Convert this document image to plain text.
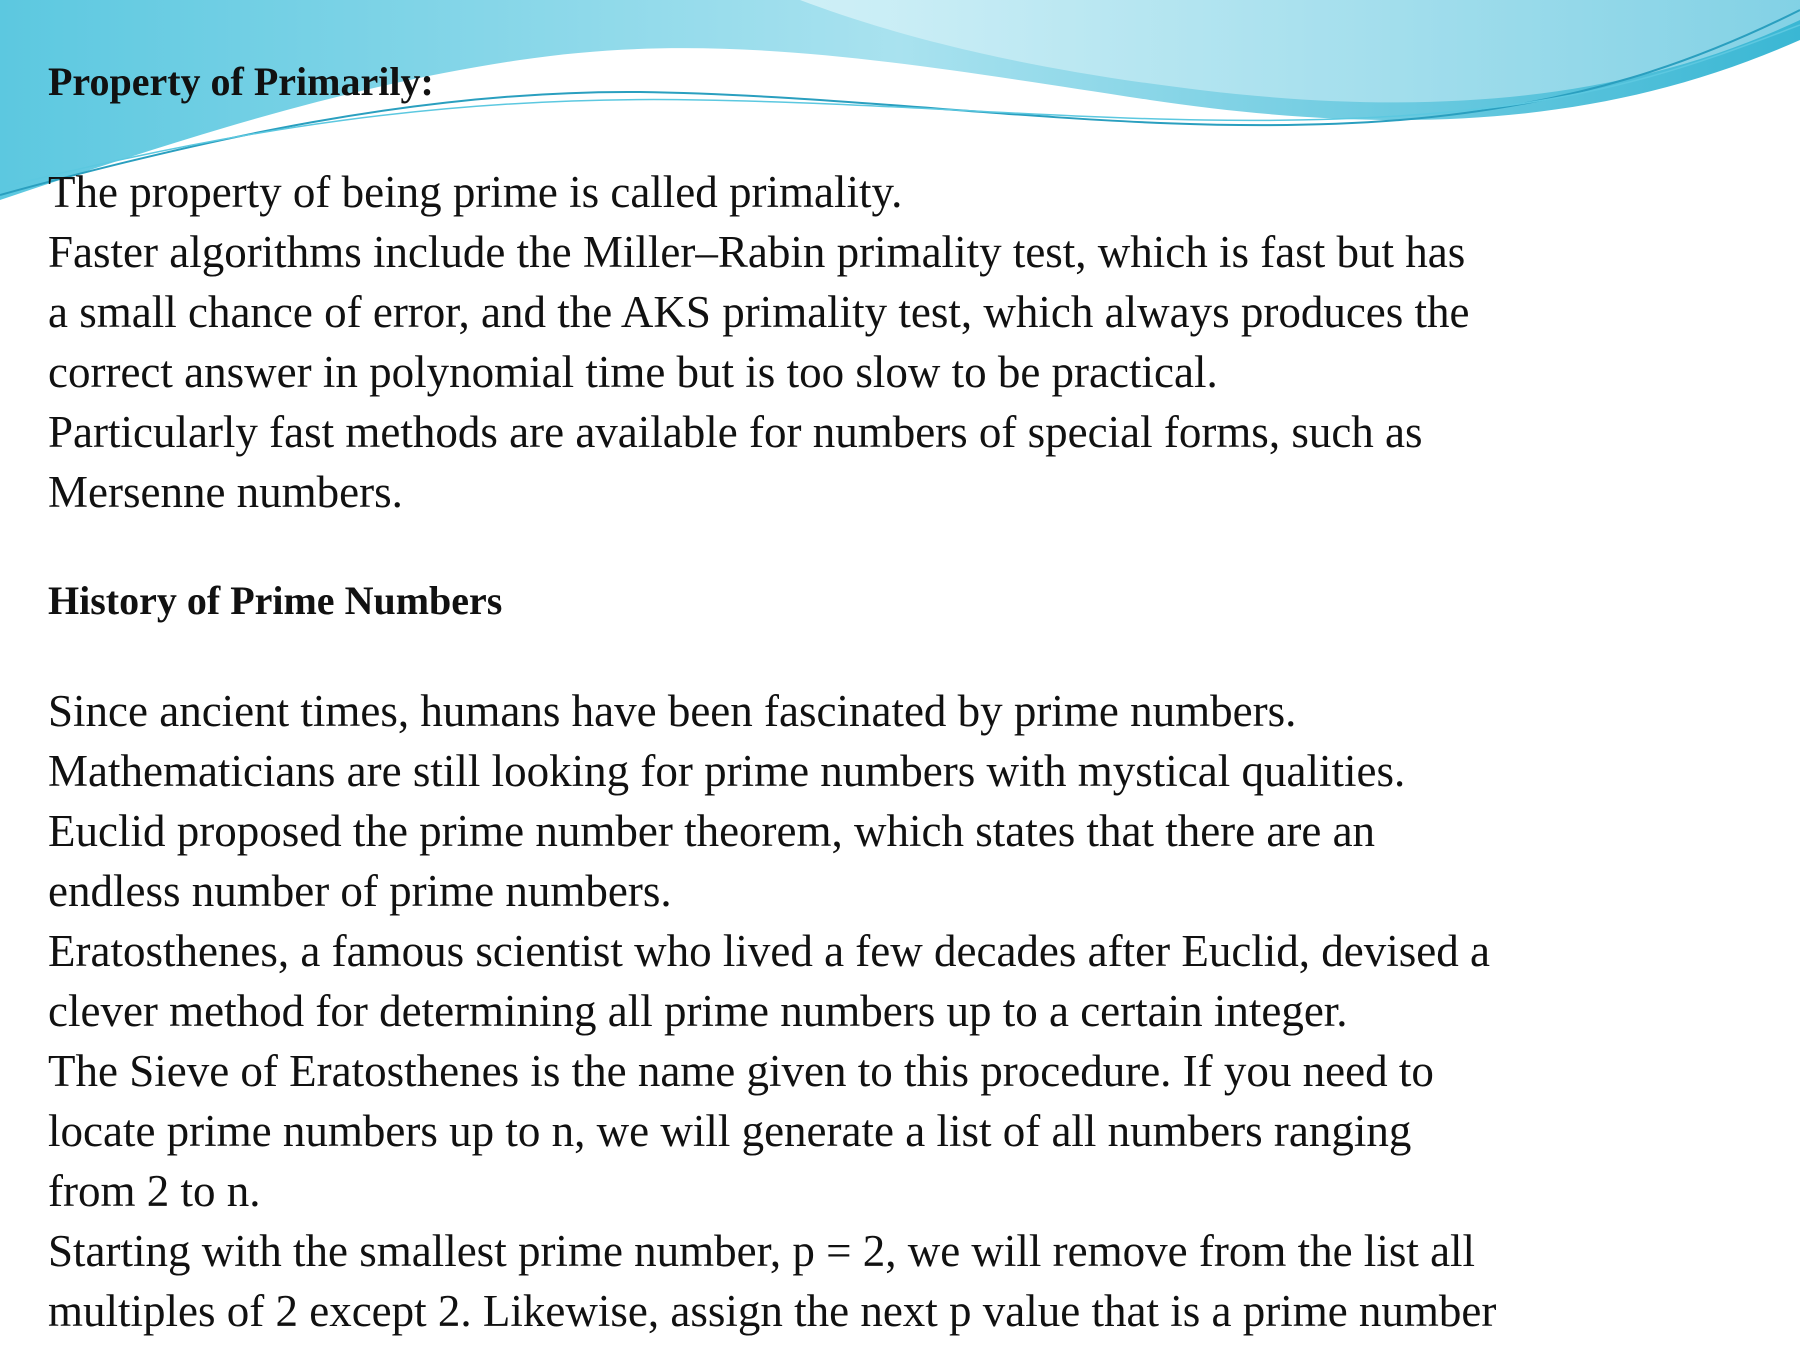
Property of Primarily:
The property of being prime is called primality.
Faster algorithms include the Miller–Rabin primality test, which is fast but has
a small chance of error, and the AKS primality test, which always produces the
correct answer in polynomial time but is too slow to be practical.
Particularly fast methods are available for numbers of special forms, such as
Mersenne numbers.
History of Prime Numbers
Since ancient times, humans have been fascinated by prime numbers.
Mathematicians are still looking for prime numbers with mystical qualities.
Euclid proposed the prime number theorem, which states that there are an
endless number of prime numbers.
Eratosthenes, a famous scientist who lived a few decades after Euclid, devised a
clever method for determining all prime numbers up to a certain integer.
The Sieve of Eratosthenes is the name given to this procedure. If you need to
locate prime numbers up to n, we will generate a list of all numbers ranging
from 2 to n.
Starting with the smallest prime number, p = 2, we will remove from the list all
multiples of 2 except 2. Likewise, assign the next p value that is a prime number
